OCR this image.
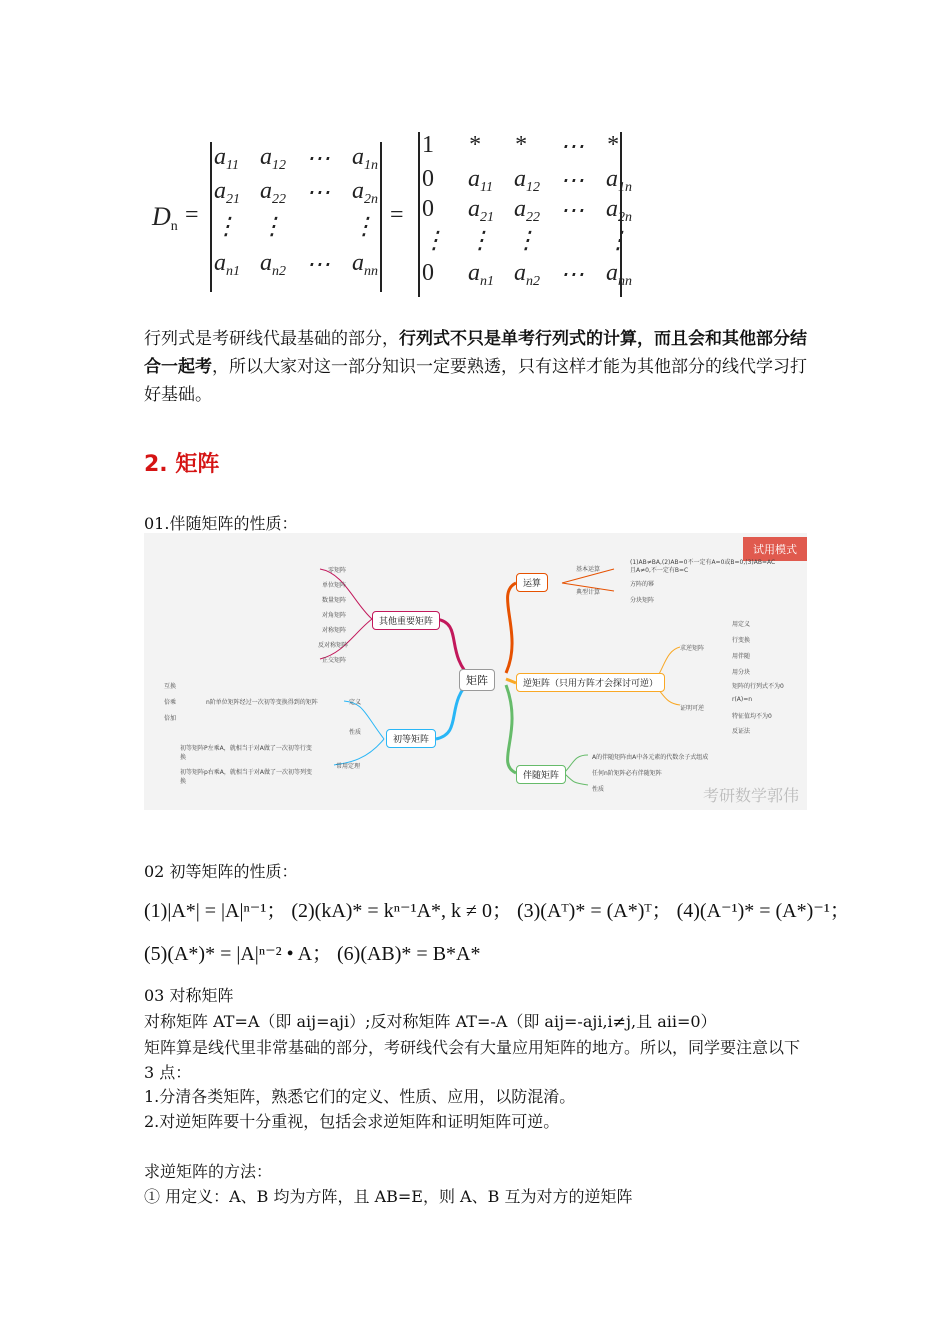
$D_n$ =
$a_{11}$ $a_{12}$ ⋯ $a_{1n}$
$a_{21}$ $a_{22}$ ⋯ $a_{2n}$
⋮ ⋮	⋮
$a_{n1}$ $a_{n2}$ ⋯ $a_{nn}$
=
1 * * ⋯ *
0 $a_{11}$ $a_{12}$ ⋯ $a_{1n}$
0 $a_{21}$ $a_{22}$ ⋯ $a_{2n}$
⋮ ⋮ ⋮	⋮
0 $a_{n1}$ $a_{n2}$ ⋯ $a_{nn}$
行列式是考研线代最基础的部分，行列式不只是单考行列式的计算，而且会和其他部分结合一起考，所以大家对这一部分知识一定要熟透，只有这样才能为其他部分的线代学习打好基础。
2. 矩阵
01.伴随矩阵的性质：
试用模式
矩阵
其他重要矩阵
初等矩阵
运算
逆矩阵（只用方阵才会探讨可逆）
伴随矩阵
零矩阵
单位矩阵
数量矩阵
对角矩阵
对称矩阵
反对称矩阵
正交矩阵
互换
倍乘
倍加
n阶单位矩阵经过一次初等变换得到的矩阵	定义
性质
常用定理
初等矩阵P左乘A，就相当于对A做了一次初等行变换
初等矩阵p右乘A，就相当于对A做了一次初等列变换
基本运算
(1)AB≠BA,(2)AB=0不一定有A=0或B=0,(3)AB=AC
且A≠0,不一定有B=C
典型计算
方阵的幂
分块矩阵
求逆矩阵
用定义
行变换
用伴随
用分块
证明可逆
矩阵的行列式不为0
r(A)=n
特征值均不为0
反证法
A的伴随矩阵由A中各元素的代数余子式组成
任何n阶矩阵必有伴随矩阵
性质	考研数学郭伟
02 初等矩阵的性质：
(1)|A*| = |A|ⁿ⁻¹； (2)(kA)* = kⁿ⁻¹A*, k ≠ 0； (3)(Aᵀ)* = (A*)ᵀ； (4)(A⁻¹)* = (A*)⁻¹；
(5)(A*)* = |A|ⁿ⁻² • A； (6)(AB)* = B*A*
03 对称矩阵
对称矩阵 AT=A（即 aij=aji）;反对称矩阵 AT=-A（即 aij=-aji,i≠j,且 aii=0）
矩阵算是线代里非常基础的部分，考研线代会有大量应用矩阵的地方。所以，同学要注意以下 3 点：
1.分清各类矩阵，熟悉它们的定义、性质、应用，以防混淆。
2.对逆矩阵要十分重视，包括会求逆矩阵和证明矩阵可逆。
求逆矩阵的方法：
① 用定义：A、B 均为方阵，且 AB=E，则 A、B 互为对方的逆矩阵
